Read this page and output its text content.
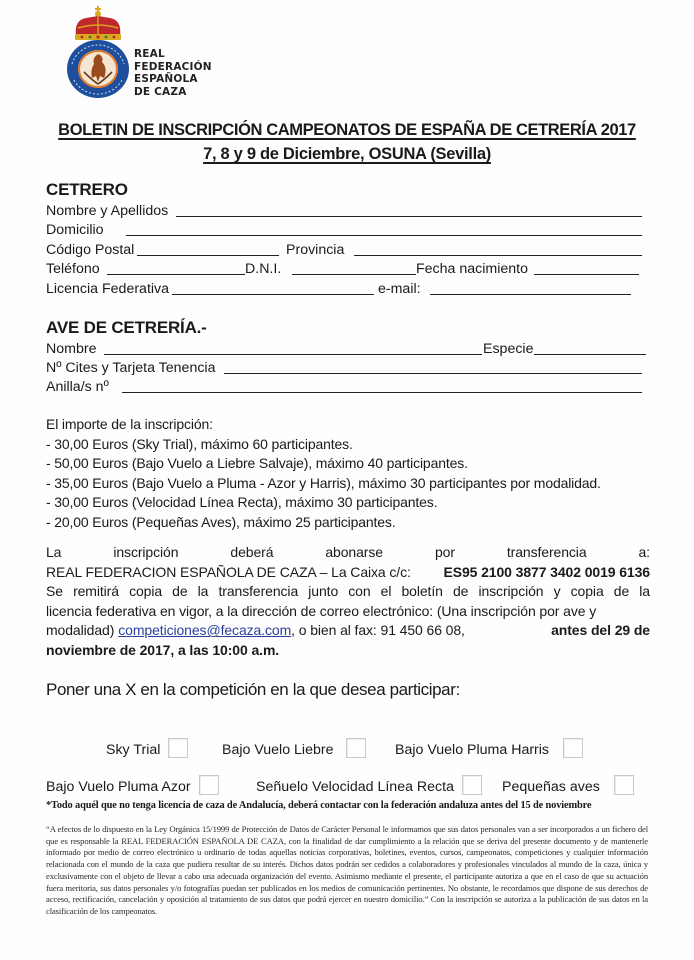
REAL
FEDERACIÓN
ESPAÑOLA
DE CAZA
BOLETIN DE INSCRIPCIÓN CAMPEONATOS DE ESPAÑA DE CETRERÍA 2017
7, 8 y 9 de Diciembre, OSUNA (Sevilla)
CETRERO
Nombre y Apellidos
Domicilio
Código Postal	Provincia
Teléfono	D.N.I.	Fecha nacimiento
Licencia Federativa	e-mail:
AVE DE CETRERÍA.-
Nombre	Especie
Nº Cites y Tarjeta Tenencia
Anilla/s nº
El importe de la inscripción:
- 30,00 Euros (Sky Trial), máximo 60 participantes.
- 50,00 Euros (Bajo Vuelo a Liebre Salvaje), máximo 40 participantes.
- 35,00 Euros (Bajo Vuelo a Pluma - Azor y Harris), máximo 30 participantes por modalidad.
- 30,00 Euros (Velocidad Línea Recta), máximo 30 participantes.
- 20,00 Euros (Pequeñas Aves), máximo 25 participantes.
La	inscripción	deberá	abonarse	por	transferencia	a:
REAL FEDERACION ESPAÑOLA DE CAZA – La Caixa c/c: ES95 2100 3877 3402 0019 6136
Se remitirá copia de la transferencia junto con el boletín de inscripción y copia de la
licencia federativa en vigor, a la dirección de correo electrónico: (Una inscripción por ave y
modalidad) competiciones@fecaza.com , o bien al fax: 91 450 66 08,	antes del 29 de
noviembre de 2017, a las 10:00 a.m.
Poner una X en la competición en la que desea participar:
Sky Trial	Bajo Vuelo Liebre	Bajo Vuelo Pluma Harris
Bajo Vuelo Pluma Azor	Señuelo Velocidad Línea Recta	Pequeñas aves
*Todo aquél que no tenga licencia de caza de Andalucía, deberá contactar con la federación andaluza antes del 15 de noviembre
“A efectos de lo dispuesto en la Ley Orgánica 15/1999 de Protección de Datos de Carácter Personal le informamos que sus datos personales van a ser incorporados a un fichero del que es responsable la REAL FEDERACIÓN ESPAÑOLA DE CAZA, con la finalidad de dar cumplimiento a la relación que se deriva del presente documento y de mantenerle informado por medio de correo electrónico u ordinario de todas aquellas noticias corporativas, boletines, eventos, cursos, campeonatos, competiciones y cualquier información relacionada con el mundo de la caza que pudiera resultar de su interés. Dichos datos podrán ser cedidos a colaboradores y profesionales vinculados al mundo de la caza, única y exclusivamente con el objeto de llevar a cabo una adecuada organización del evento. Asimismo mediante el presente, el participante autoriza a que en el caso de que su actuación fuera meritoria, sus datos personales y/o fotografías puedan ser publicados en los medios de comunicación pertinentes. No obstante, le recordamos que dispone de sus derechos de acceso, rectificación, cancelación y oposición al tratamiento de sus datos que podrá ejercer en nuestro domicilio.” Con la inscripción se autoriza a la publicación de sus datos en la clasificación de los campeonatos.
